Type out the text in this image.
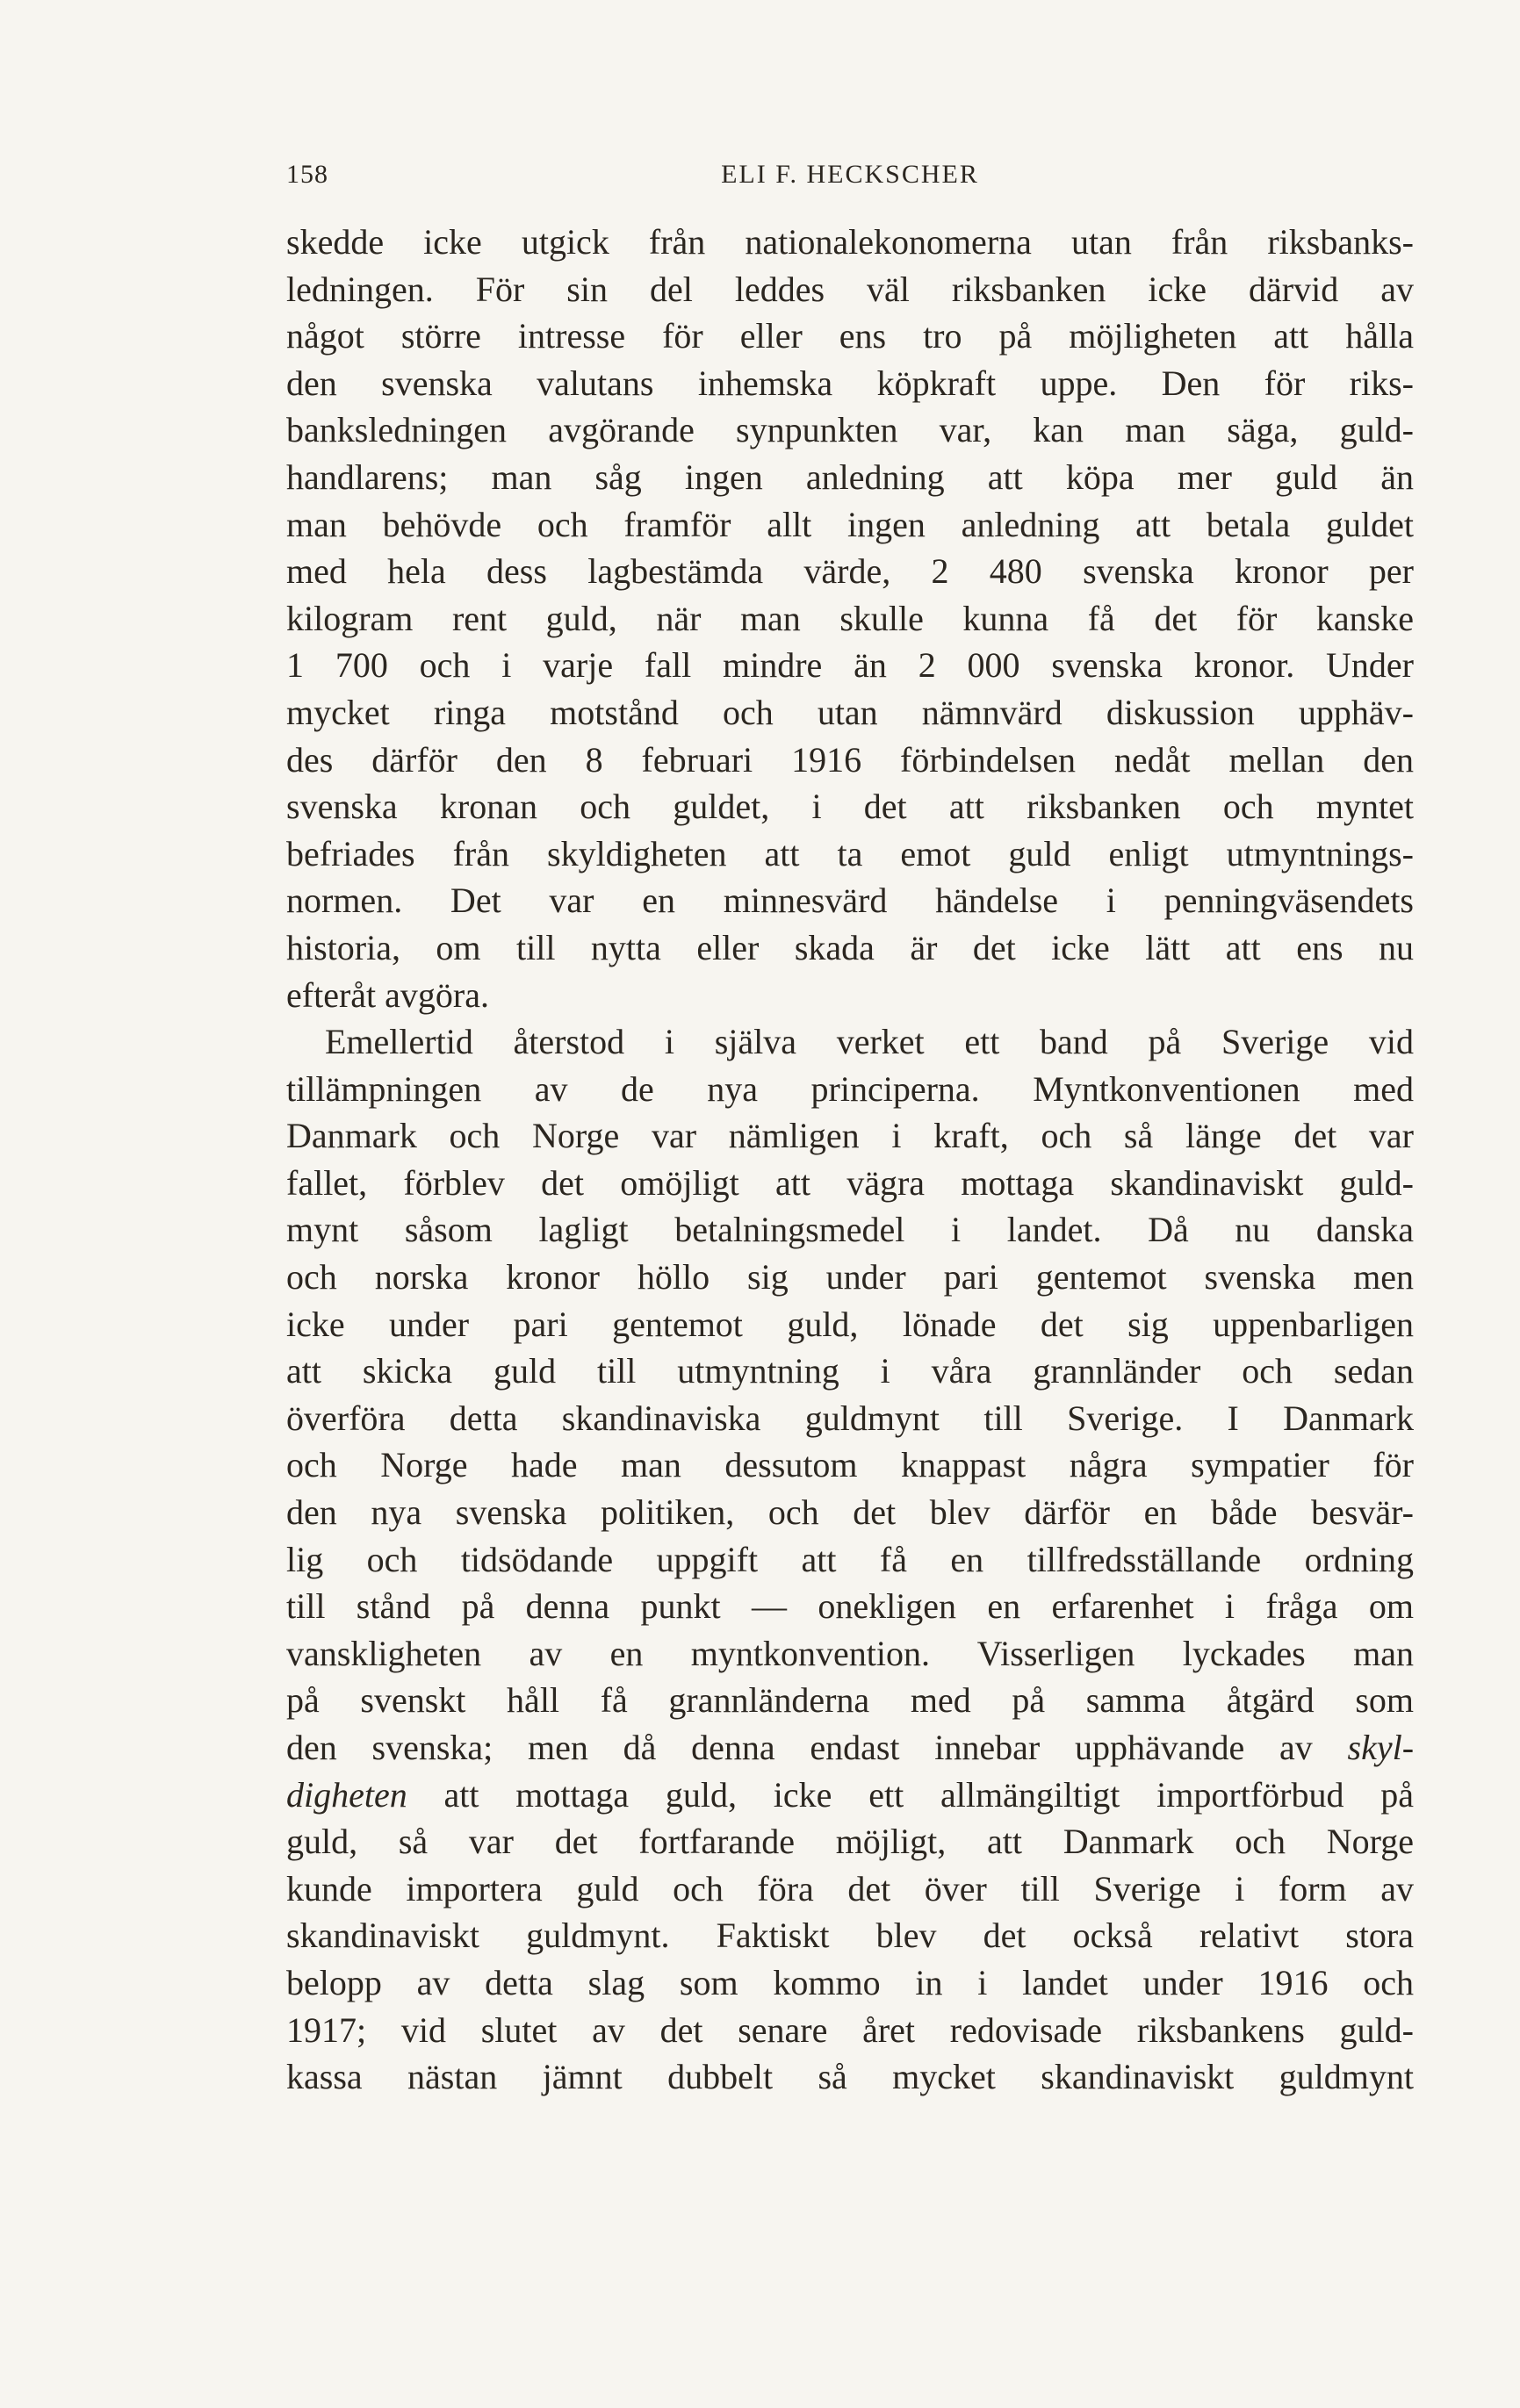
158	ELI F. HECKSCHER
skedde icke utgick från nationalekonomerna utan från riksbanks-
ledningen. För sin del leddes väl riksbanken icke därvid av
något större intresse för eller ens tro på möjligheten att hålla
den svenska valutans inhemska köpkraft uppe. Den för riks-
banksledningen avgörande synpunkten var, kan man säga, guld-
handlarens; man såg ingen anledning att köpa mer guld än
man behövde och framför allt ingen anledning att betala guldet
med hela dess lagbestämda värde, 2 480 svenska kronor per
kilogram rent guld, när man skulle kunna få det för kanske
1 700 och i varje fall mindre än 2 000 svenska kronor. Under
mycket ringa motstånd och utan nämnvärd diskussion upphäv-
des därför den 8 februari 1916 förbindelsen nedåt mellan den
svenska kronan och guldet, i det att riksbanken och myntet
befriades från skyldigheten att ta emot guld enligt utmyntnings-
normen. Det var en minnesvärd händelse i penningväsendets
historia, om till nytta eller skada är det icke lätt att ens nu
efteråt avgöra.
Emellertid återstod i själva verket ett band på Sverige vid
tillämpningen av de nya principerna. Myntkonventionen med
Danmark och Norge var nämligen i kraft, och så länge det var
fallet, förblev det omöjligt att vägra mottaga skandinaviskt guld-
mynt såsom lagligt betalningsmedel i landet. Då nu danska
och norska kronor höllo sig under pari gentemot svenska men
icke under pari gentemot guld, lönade det sig uppenbarligen
att skicka guld till utmyntning i våra grannländer och sedan
överföra detta skandinaviska guldmynt till Sverige. I Danmark
och Norge hade man dessutom knappast några sympatier för
den nya svenska politiken, och det blev därför en både besvär-
lig och tidsödande uppgift att få en tillfredsställande ordning
till stånd på denna punkt — onekligen en erfarenhet i fråga om
vanskligheten av en myntkonvention. Visserligen lyckades man
på svenskt håll få grannländerna med på samma åtgärd som
den svenska; men då denna endast innebar upphävande av skyl-
digheten att mottaga guld, icke ett allmängiltigt importförbud på
guld, så var det fortfarande möjligt, att Danmark och Norge
kunde importera guld och föra det över till Sverige i form av
skandinaviskt guldmynt. Faktiskt blev det också relativt stora
belopp av detta slag som kommo in i landet under 1916 och
1917; vid slutet av det senare året redovisade riksbankens guld-
kassa nästan jämnt dubbelt så mycket skandinaviskt guldmynt
